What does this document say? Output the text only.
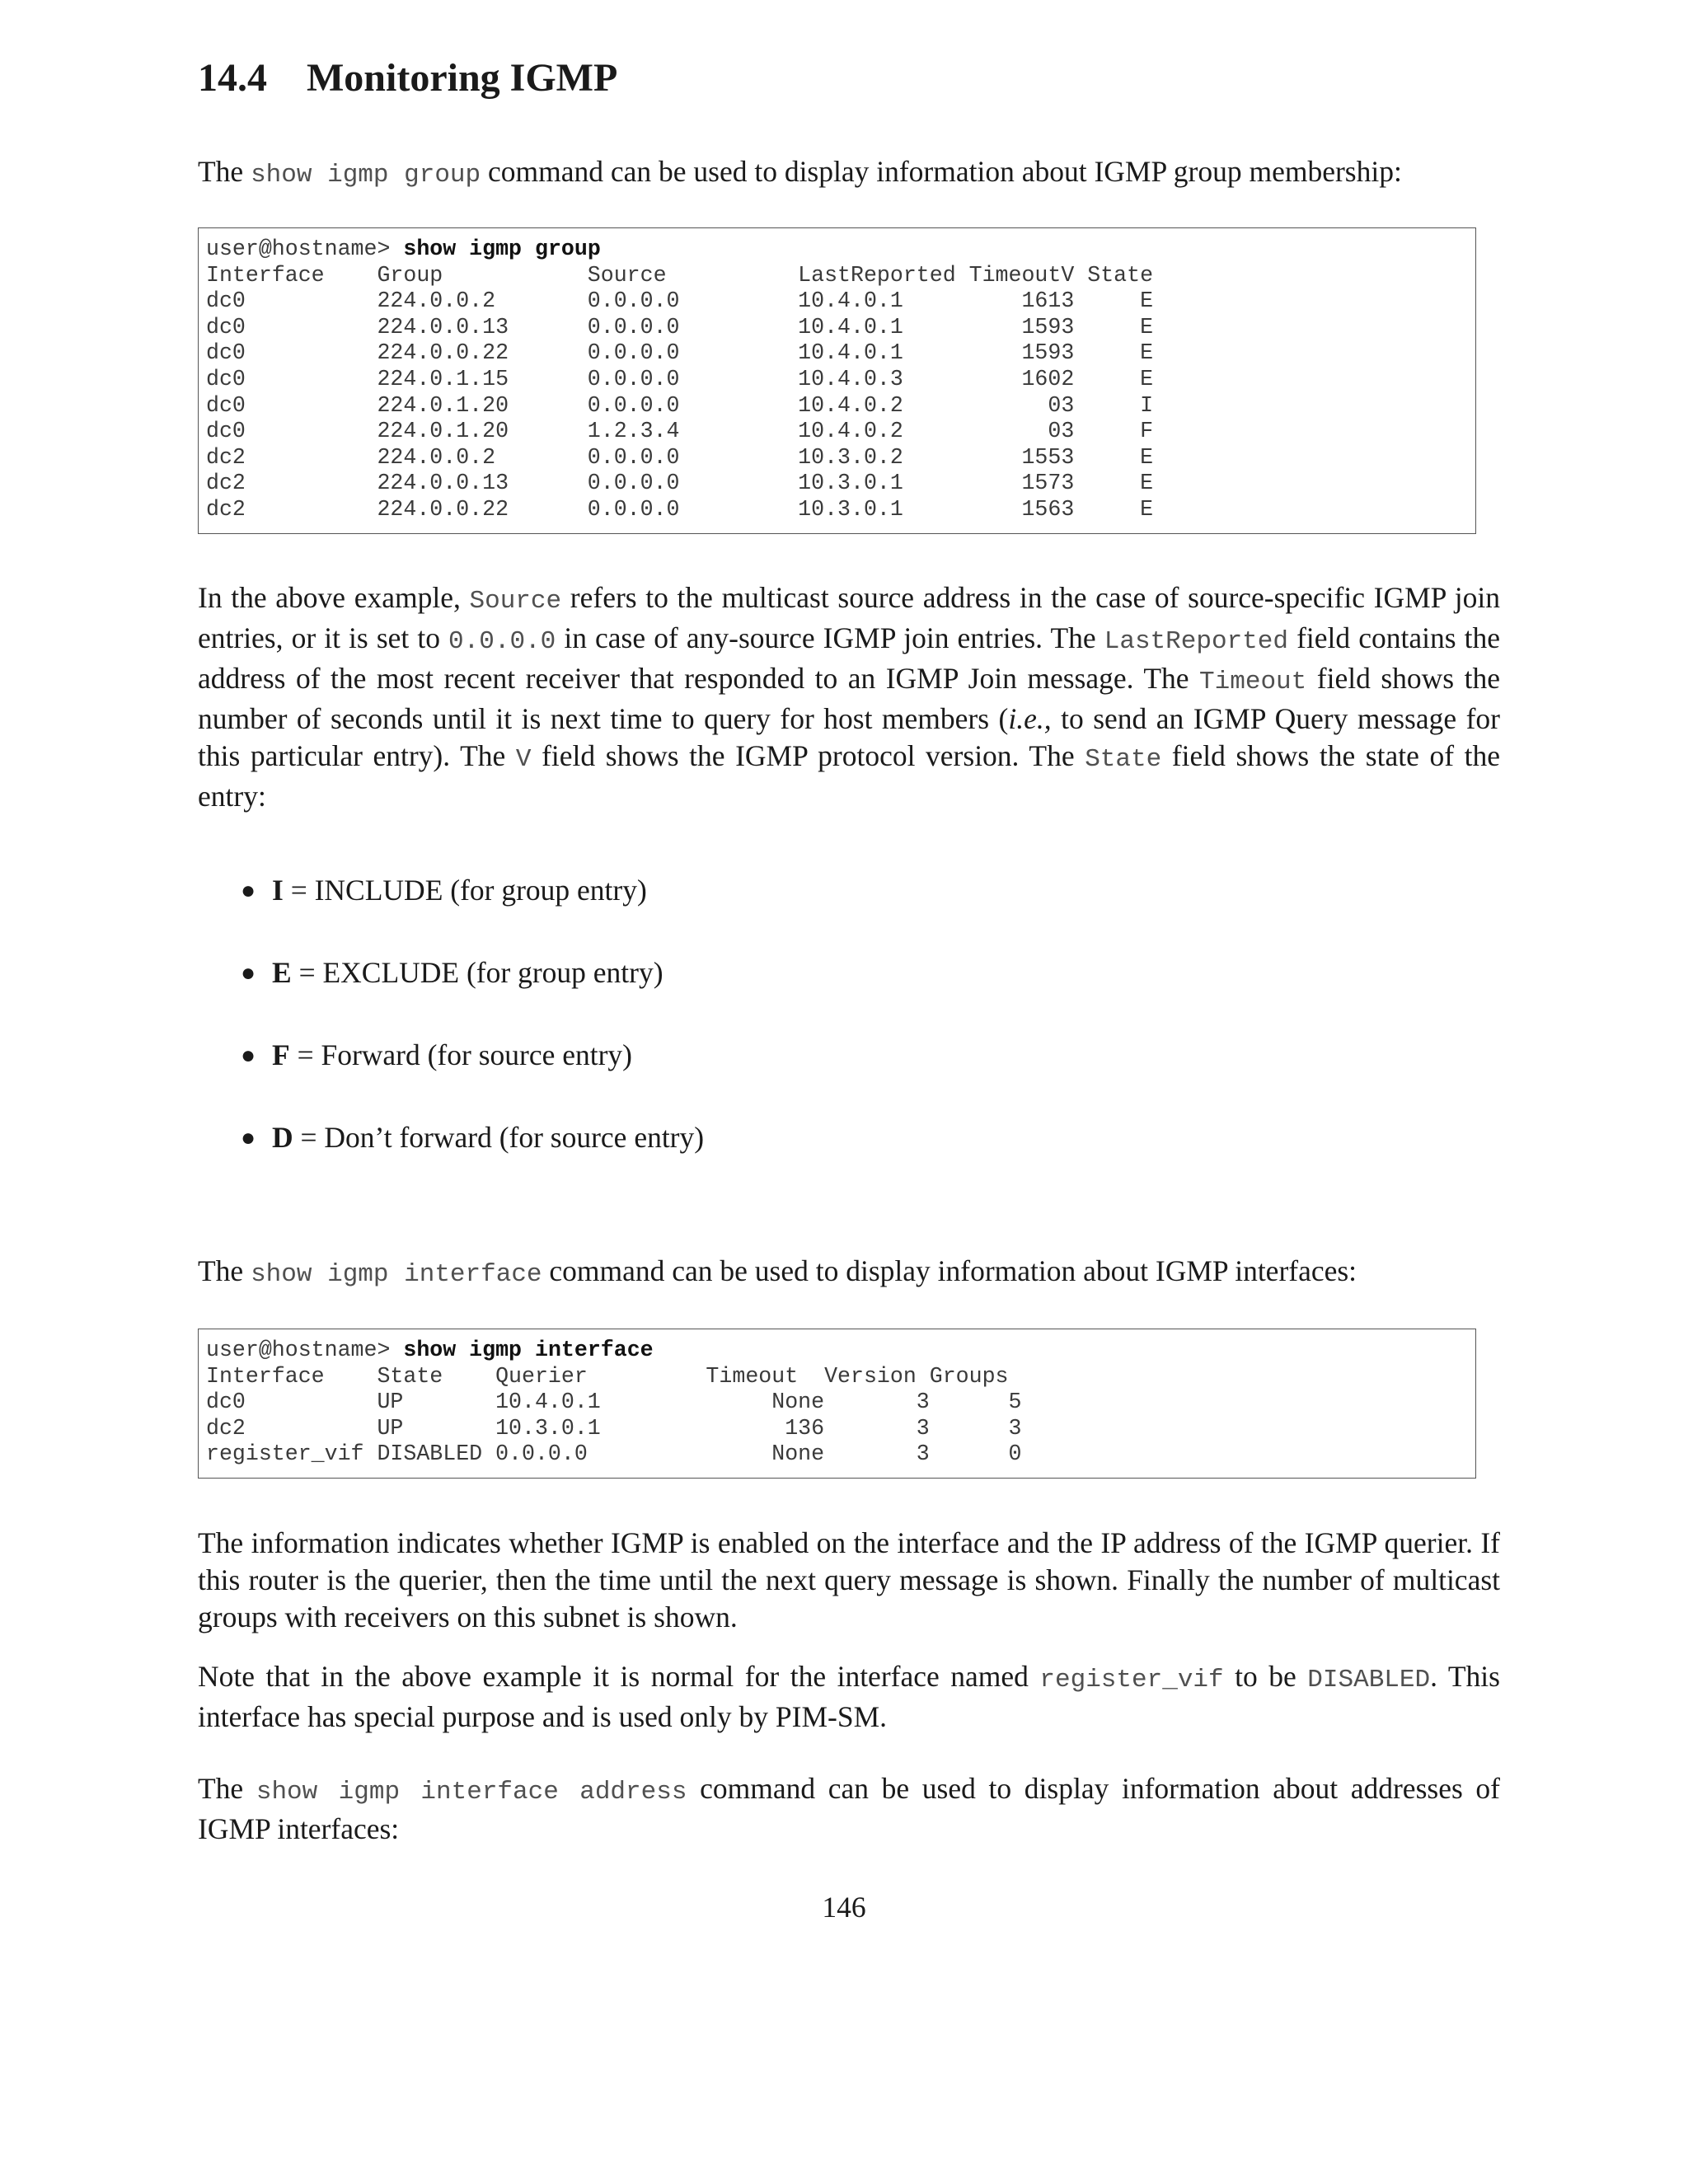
14.4 Monitoring IGMP

The show igmp group command can be used to display information about IGMP group membership:

user@hostname> show igmp group
Interface    Group           Source          LastReported TimeoutV State
dc0          224.0.0.2       0.0.0.0         10.4.0.1         1613     E
dc0          224.0.0.13      0.0.0.0         10.4.0.1         1593     E
dc0          224.0.0.22      0.0.0.0         10.4.0.1         1593     E
dc0          224.0.1.15      0.0.0.0         10.4.0.3         1602     E
dc0          224.0.1.20      0.0.0.0         10.4.0.2           03     I
dc0          224.0.1.20      1.2.3.4         10.4.0.2           03     F
dc2          224.0.0.2       0.0.0.0         10.3.0.2         1553     E
dc2          224.0.0.13      0.0.0.0         10.3.0.1         1573     E
dc2          224.0.0.22      0.0.0.0         10.3.0.1         1563     E

In the above example, Source refers to the multicast source address in the case of source-specific IGMP join entries, or it is set to 0.0.0.0 in case of any-source IGMP join entries. The LastReported field contains the address of the most recent receiver that responded to an IGMP Join message. The Timeout field shows the number of seconds until it is next time to query for host members (i.e., to send an IGMP Query message for this particular entry). The V field shows the IGMP protocol version. The State field shows the state of the entry:

● I = INCLUDE (for group entry)
● E = EXCLUDE (for group entry)
● F = Forward (for source entry)
● D = Don’t forward (for source entry)

The show igmp interface command can be used to display information about IGMP interfaces:

user@hostname> show igmp interface
Interface    State    Querier         Timeout  Version Groups
dc0          UP       10.4.0.1             None       3      5
dc2          UP       10.3.0.1              136       3      3
register_vif DISABLED 0.0.0.0              None       3      0

The information indicates whether IGMP is enabled on the interface and the IP address of the IGMP querier. If this router is the querier, then the time until the next query message is shown. Finally the number of multicast groups with receivers on this subnet is shown.

Note that in the above example it is normal for the interface named register_vif to be DISABLED. This interface has special purpose and is used only by PIM-SM.

The show igmp interface address command can be used to display information about addresses of IGMP interfaces:

146
